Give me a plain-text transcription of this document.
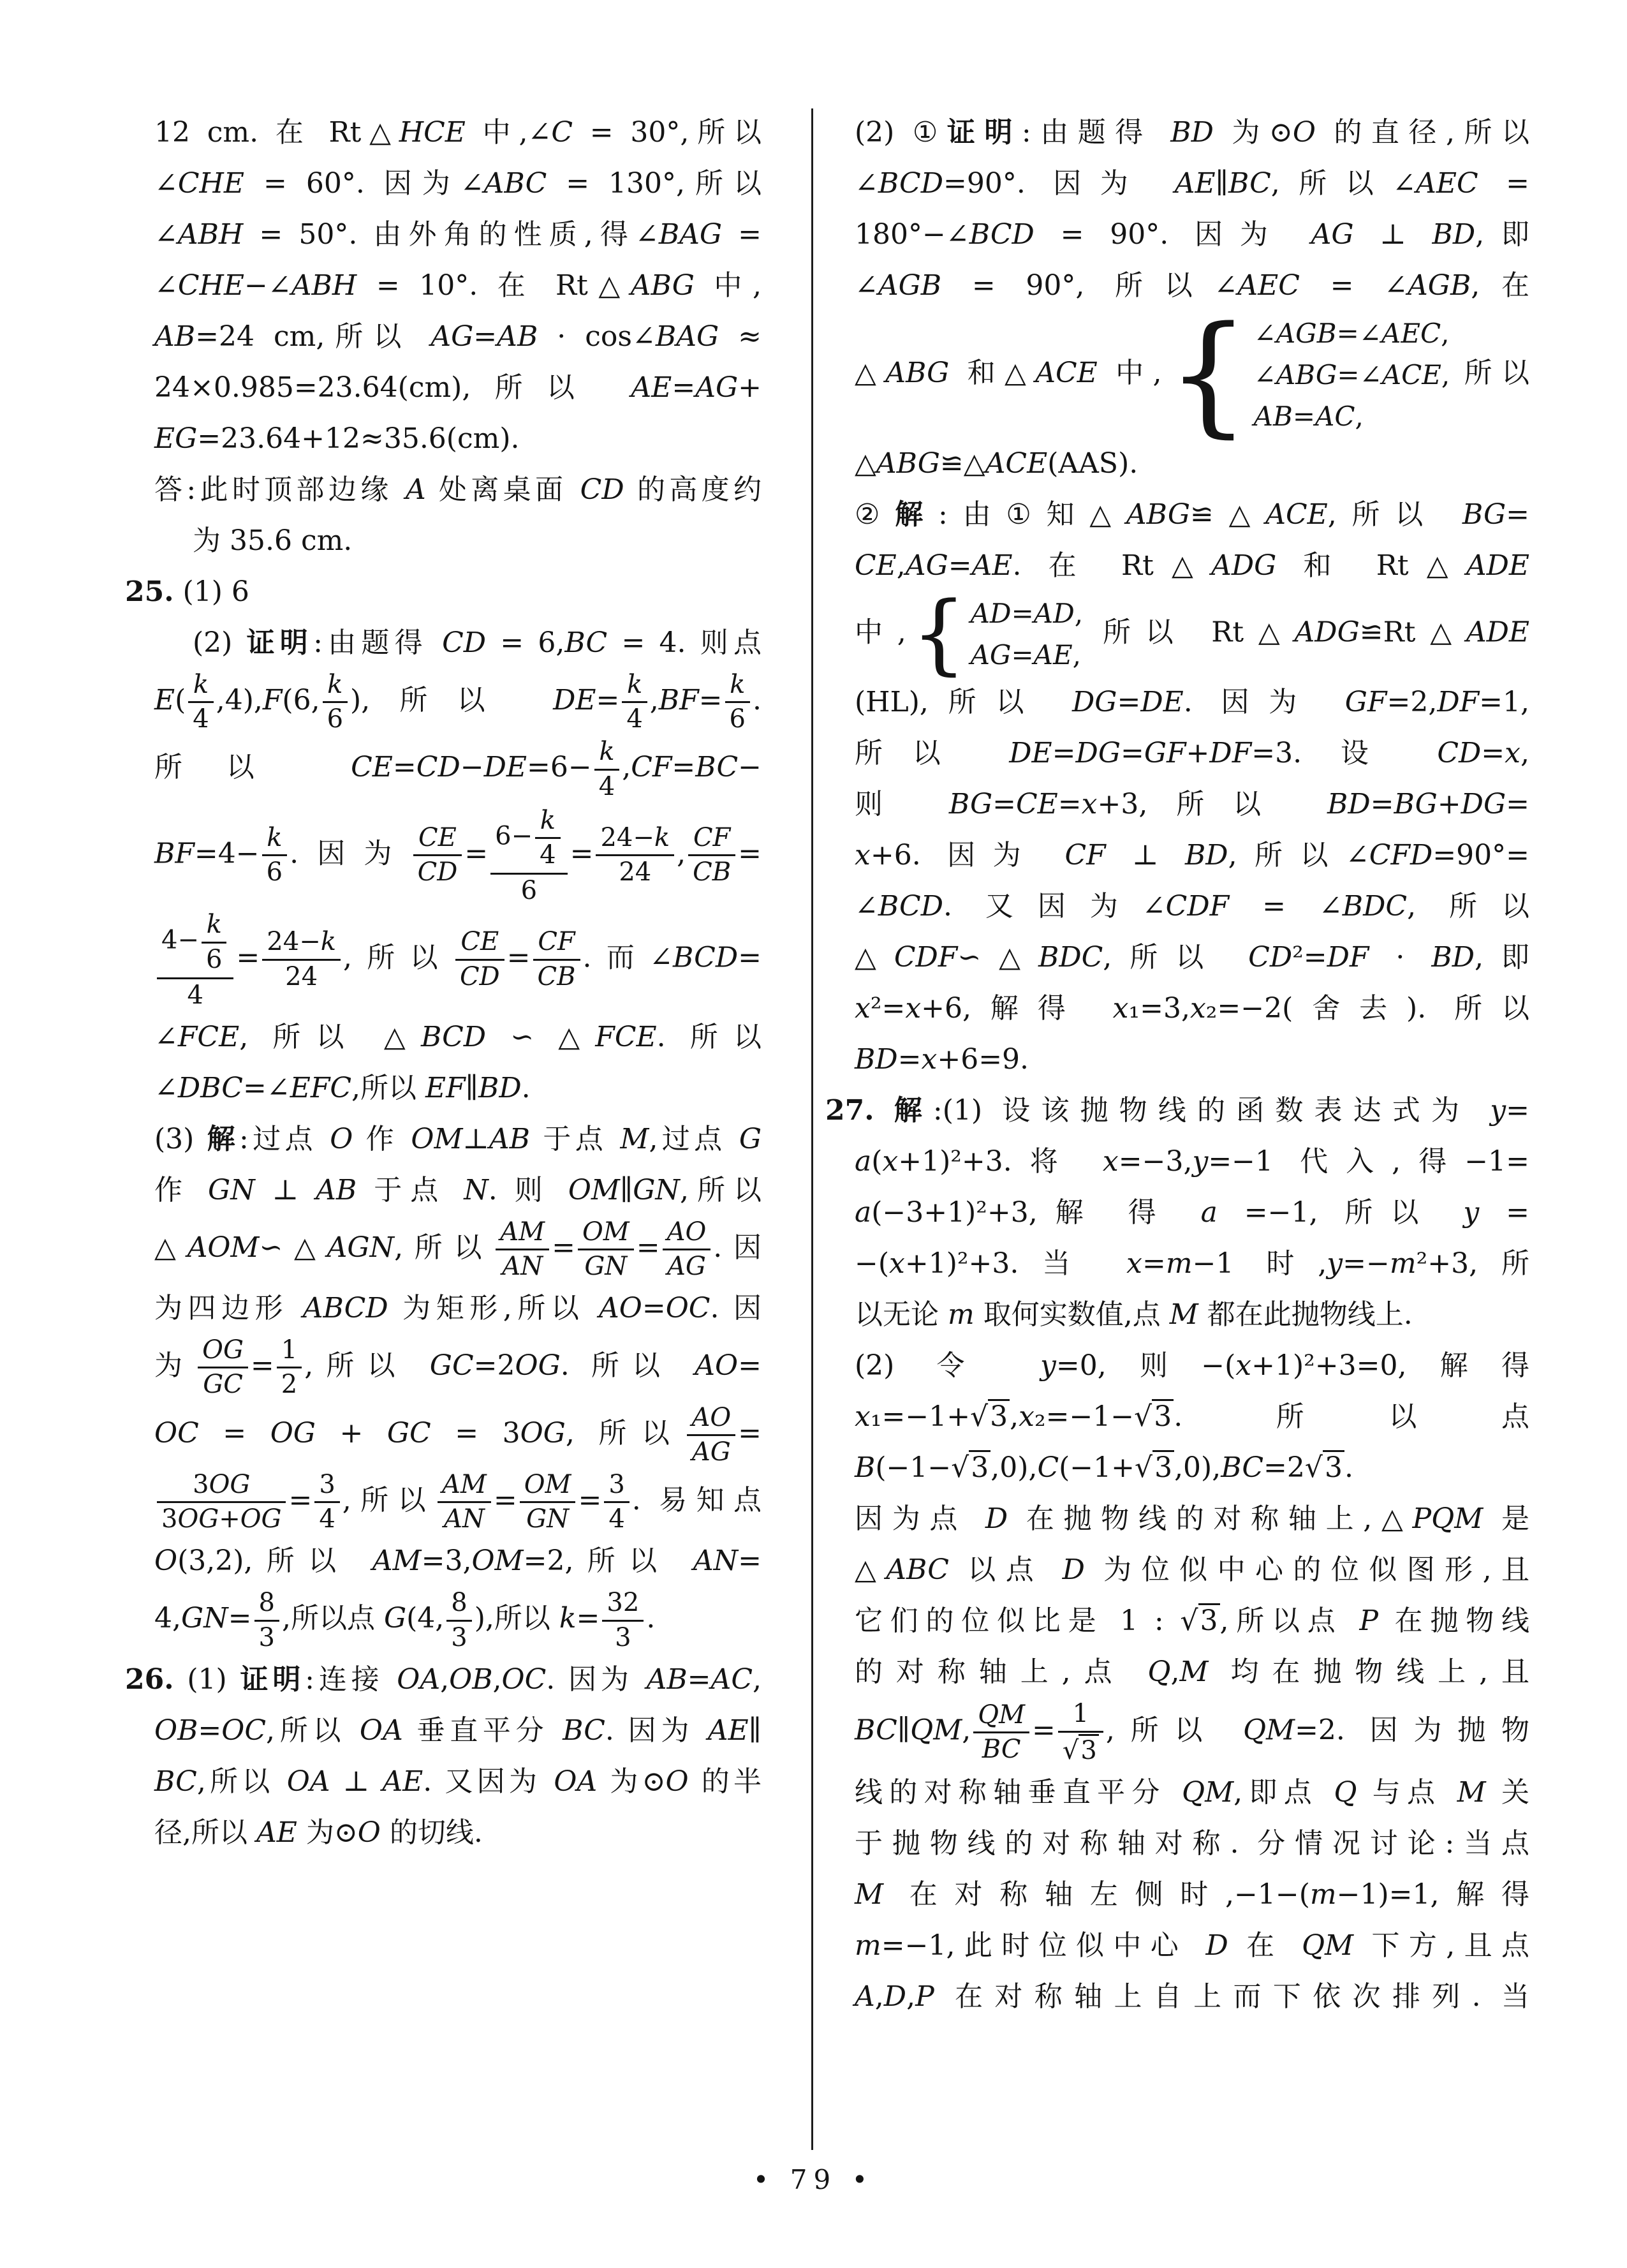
12 cm. 在 Rt△HCE 中,∠C = 30°,所以
∠CHE = 60°. 因为∠ABC = 130°,所以
∠ABH = 50°. 由外角的性质,得∠BAG =
∠CHE−∠ABH = 10°. 在 Rt△ABG 中,
AB=24 cm,所以 AG=AB · cos∠BAG ≈
24×0.985=23.64(cm),所以 AE=AG+
EG=23.64+12≈35.6(cm).
答:此时顶部边缘 A 处离桌面 CD 的高度约
为 35.6 cm.
25. (1) 6
(2) 证明:由题得 CD = 6,BC = 4. 则点
$E( \frac{k}{4} ,4),F(6$, $\frac{k}{6}$ ),所以 $DE= \frac{k}{4} ,BF= \frac{k}{6}$ .
所以 $CE=CD-DE=6- \frac{k}{4} ,CF=BC-$
$BF=4- \frac{k}{6}$ .因为 $\frac{CE}{CD} = \frac{6- \frac{k}{4}}{6} = \frac{24-k}{24}$ , $\frac{CF}{CB}$ =
$\frac{4- \frac{k}{6}}{4} = \frac{24-k}{24}$ ,所以 $\frac{CE}{CD} = \frac{CF}{CB}$ .而∠BCD=
∠FCE, 所以 △BCD ∽ △FCE. 所以
∠DBC=∠EFC,所以 EF∥BD.
(3) 解:过点 O 作 OM⊥AB 于点 M,过点 G
作 GN ⊥ AB 于点 N. 则 OM∥GN,所以
△AOM∽△AGN,所以 $\frac{AM}{AN} = \frac{OM}{GN} = \frac{AO}{AG}$ .因
为四边形 ABCD 为矩形,所以 AO=OC. 因
为 $\frac{OG}{GC} = \frac{1}{2}$ ,所以 GC=2OG. 所以 AO=
OC = OG + GC = 3OG, 所以 $\frac{AO}{AG}$ =
$\frac{3OG}{3OG+OG} = \frac{3}{4}$ ,所以 $\frac{AM}{AN} = \frac{OM}{GN} = \frac{3}{4}$ . 易知点
O(3,2),所以 AM=3,OM=2,所以 AN=
$4,GN= \frac{8}{3}$ ,所以点 G(4, $\frac{8}{3}$ ),所以 $k= \frac{32}{3}$ .
26. (1) 证明:连接 OA,OB,OC. 因为 AB=AC,
OB=OC,所以 OA 垂直平分 BC. 因为 AE∥
BC,所以 OA ⊥ AE. 又因为 OA 为⊙O 的半
径,所以 AE 为⊙O 的切线.
(2) ①证明:由题得 BD 为⊙O 的直径,所以
∠BCD=90°. 因为 AE∥BC,所以∠AEC =
180°−∠BCD = 90°. 因为 AG ⊥ BD,即
∠AGB = 90°, 所以∠AEC = ∠AGB,在
△ABG 和△ACE 中, { ∠AGB=∠AEC,
∠ABG=∠ACE,
AB=AC,
所以
△ABG≌△ACE(AAS).
②解:由①知△ABG≌△ACE,所以 BG=
CE,AG=AE. 在 Rt△ADG 和 Rt△ADE
中, { AD=AD,
AG=AE,
所以 Rt△ADG≌Rt△ADE
(HL),所以 DG=DE. 因为 GF=2,DF=1,
所以 DE=DG=GF+DF=3. 设 CD=x,
则 BG=CE=x+3,所以 BD=BG+DG=
x+6. 因为 CF ⊥ BD,所以∠CFD=90°=
∠BCD. 又因为∠CDF = ∠BDC, 所以
△CDF∽△BDC,所以 CD²=DF · BD,即
x²=x+6,解得 x₁=3,x₂=−2(舍去). 所以
BD=x+6=9.
27. 解:(1) 设该抛物线的函数表达式为 y=
a(x+1)²+3.将 x=−3,y=−1 代入,得−1=
a(−3+1)²+3,解 得 a =−1, 所以 y =
−(x+1)²+3.当 x=m−1 时,y=−m²+3,所
以无论 m 取何实数值,点 M 都在此抛物线上.
(2) 令 y=0,则−(x+1)²+3=0,解得
x₁=−1+√3,x₂=−1−√3. 所以点
B(−1−√3,0),C(−1+√3,0),BC=2√3.
因为点 D 在抛物线的对称轴上,△PQM 是
△ABC 以点 D 为位似中心的位似图形,且
它们的位似比是 1 : √3,所以点 P 在抛物线
的对称轴上,点 Q,M 均在抛物线上,且
BC∥QM, $\frac{QM}{BC} = \frac{1}{√3}$ ,所以 QM=2. 因为抛物
线的对称轴垂直平分 QM,即点 Q 与点 M 关
于抛物线的对称轴对称. 分情况讨论:当点
M 在对称轴左侧时,−1−(m−1)=1,解得
m=−1,此时位似中心 D 在 QM 下方,且点
A,D,P 在对称轴上自上而下依次排列. 当
• 79 •
